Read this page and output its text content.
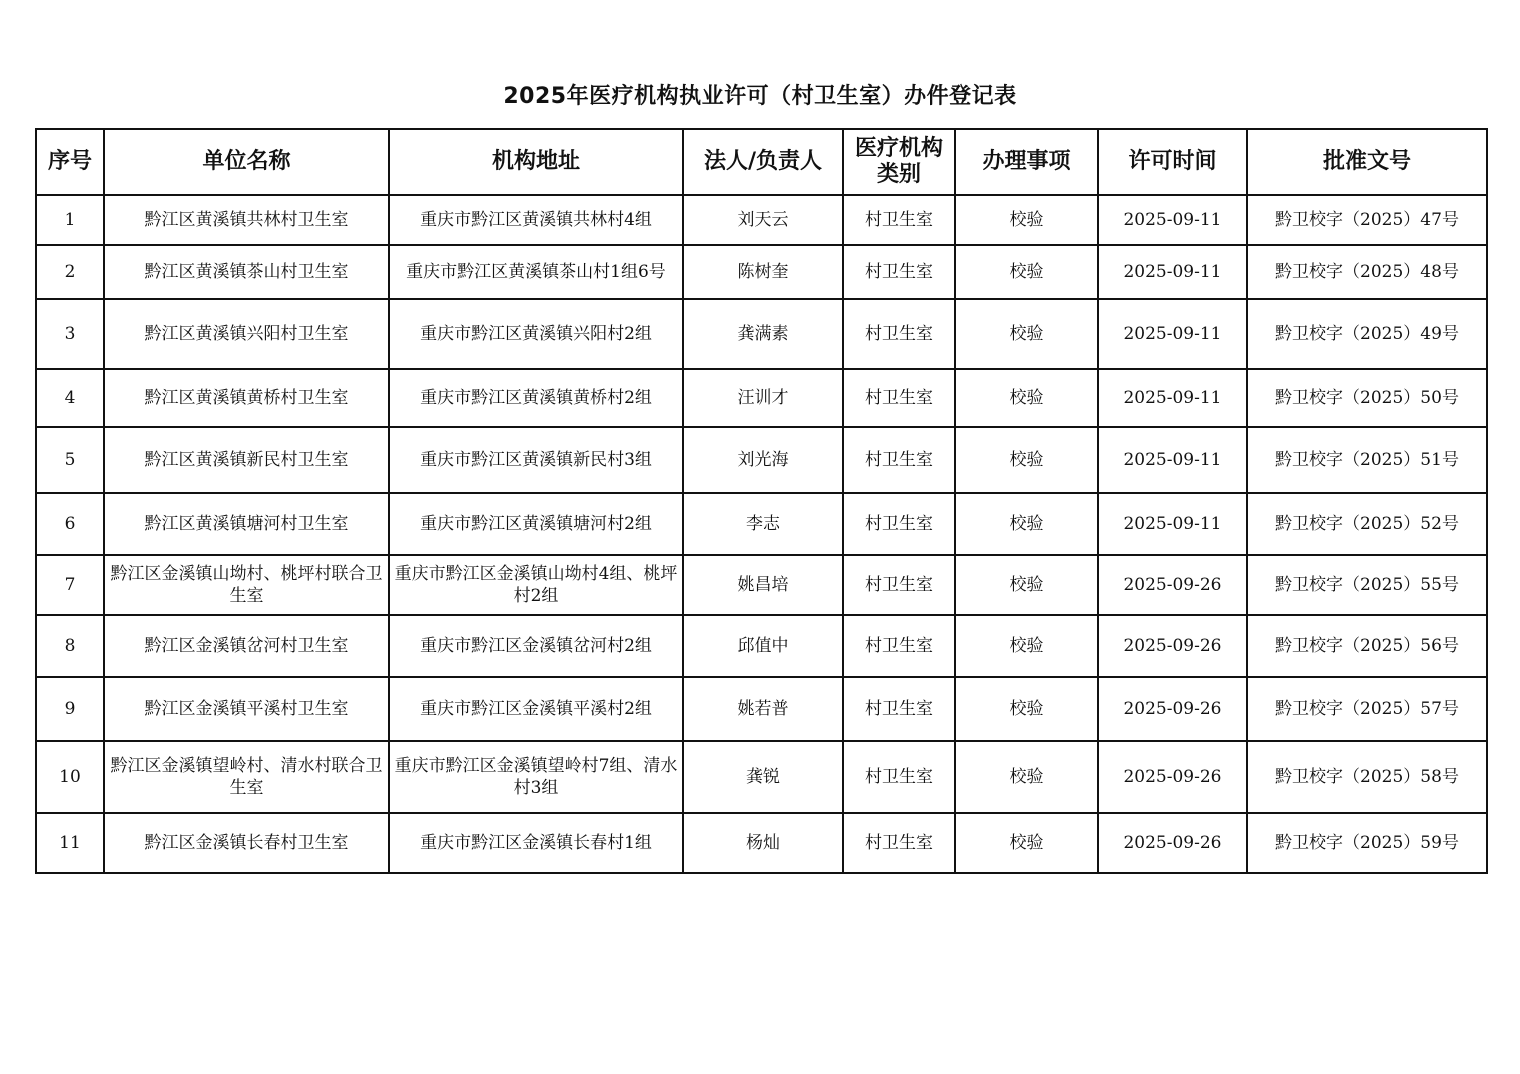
2025年医疗机构执业许可（村卫生室）办件登记表
序号	单位名称	机构地址	法人/负责人	医疗机构类别	办理事项	许可时间	批准文号
1	黔江区黄溪镇共林村卫生室	重庆市黔江区黄溪镇共林村4组	刘天云	村卫生室	校验	2025-09-11	黔卫校字（2025）47号
2	黔江区黄溪镇茶山村卫生室	重庆市黔江区黄溪镇茶山村1组6号	陈树奎	村卫生室	校验	2025-09-11	黔卫校字（2025）48号
3	黔江区黄溪镇兴阳村卫生室	重庆市黔江区黄溪镇兴阳村2组	龚满素	村卫生室	校验	2025-09-11	黔卫校字（2025）49号
4	黔江区黄溪镇黄桥村卫生室	重庆市黔江区黄溪镇黄桥村2组	汪训才	村卫生室	校验	2025-09-11	黔卫校字（2025）50号
5	黔江区黄溪镇新民村卫生室	重庆市黔江区黄溪镇新民村3组	刘光海	村卫生室	校验	2025-09-11	黔卫校字（2025）51号
6	黔江区黄溪镇塘河村卫生室	重庆市黔江区黄溪镇塘河村2组	李志	村卫生室	校验	2025-09-11	黔卫校字（2025）52号
7	黔江区金溪镇山坳村、桃坪村联合卫生室	重庆市黔江区金溪镇山坳村4组、桃坪村2组	姚昌培	村卫生室	校验	2025-09-26	黔卫校字（2025）55号
8	黔江区金溪镇岔河村卫生室	重庆市黔江区金溪镇岔河村2组	邱值中	村卫生室	校验	2025-09-26	黔卫校字（2025）56号
9	黔江区金溪镇平溪村卫生室	重庆市黔江区金溪镇平溪村2组	姚若普	村卫生室	校验	2025-09-26	黔卫校字（2025）57号
10	黔江区金溪镇望岭村、清水村联合卫生室	重庆市黔江区金溪镇望岭村7组、清水村3组	龚锐	村卫生室	校验	2025-09-26	黔卫校字（2025）58号
11	黔江区金溪镇长春村卫生室	重庆市黔江区金溪镇长春村1组	杨灿	村卫生室	校验	2025-09-26	黔卫校字（2025）59号
